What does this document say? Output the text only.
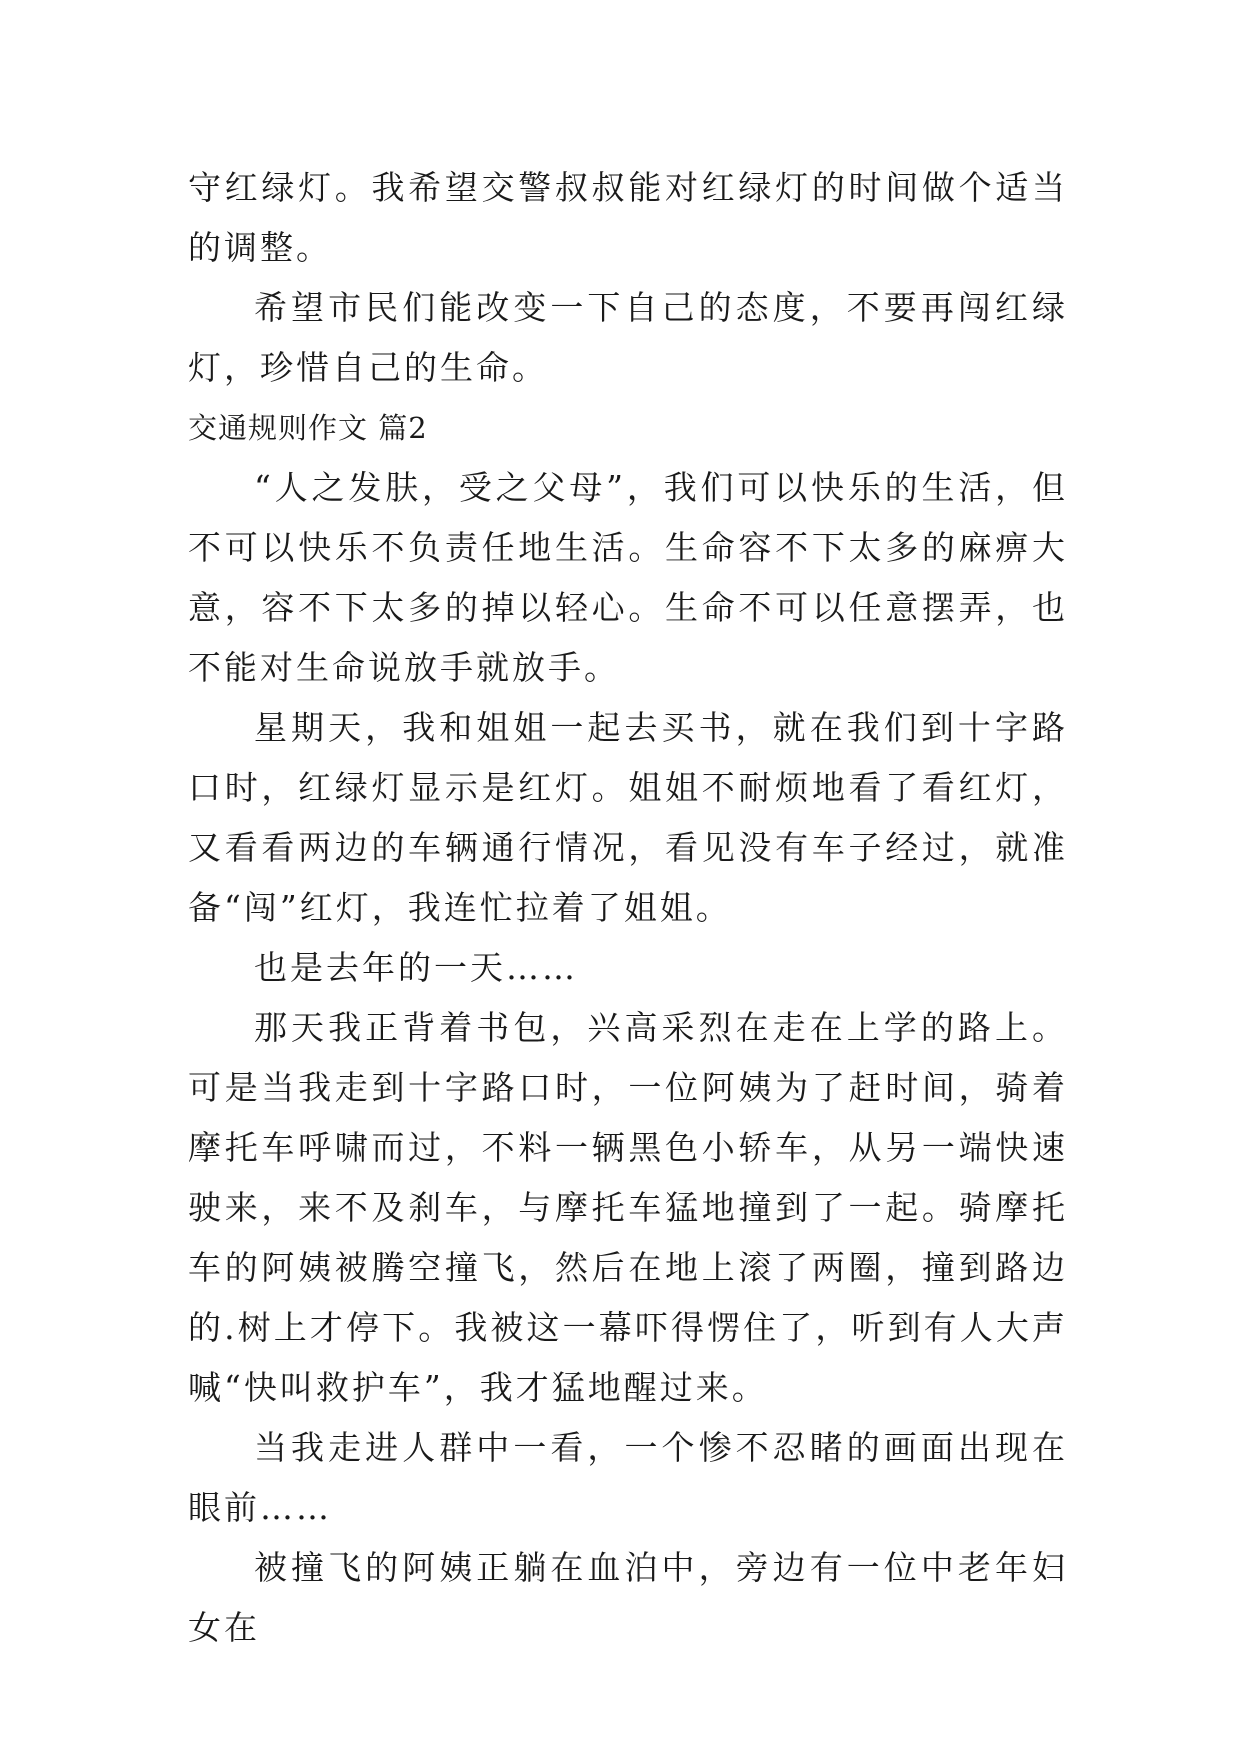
守红绿灯。我希望交警叔叔能对红绿灯的时间做个适当的调整。

希望市民们能改变一下自己的态度，不要再闯红绿灯，珍惜自己的生命。

交通规则作文 篇2

“人之发肤，受之父母”，我们可以快乐的生活，但不可以快乐不负责任地生活。生命容不下太多的麻痹大意，容不下太多的掉以轻心。生命不可以任意摆弄，也不能对生命说放手就放手。

星期天，我和姐姐一起去买书，就在我们到十字路口时，红绿灯显示是红灯。姐姐不耐烦地看了看红灯，又看看两边的车辆通行情况，看见没有车子经过，就准备“闯”红灯，我连忙拉着了姐姐。

也是去年的一天……

那天我正背着书包，兴高采烈在走在上学的路上。可是当我走到十字路口时，一位阿姨为了赶时间，骑着摩托车呼啸而过，不料一辆黑色小轿车，从另一端快速驶来，来不及刹车，与摩托车猛地撞到了一起。骑摩托车的阿姨被腾空撞飞，然后在地上滚了两圈，撞到路边的.树上才停下。我被这一幕吓得愣住了，听到有人大声喊“快叫救护车”，我才猛地醒过来。

当我走进人群中一看，一个惨不忍睹的画面出现在眼前……

被撞飞的阿姨正躺在血泊中，旁边有一位中老年妇女在
